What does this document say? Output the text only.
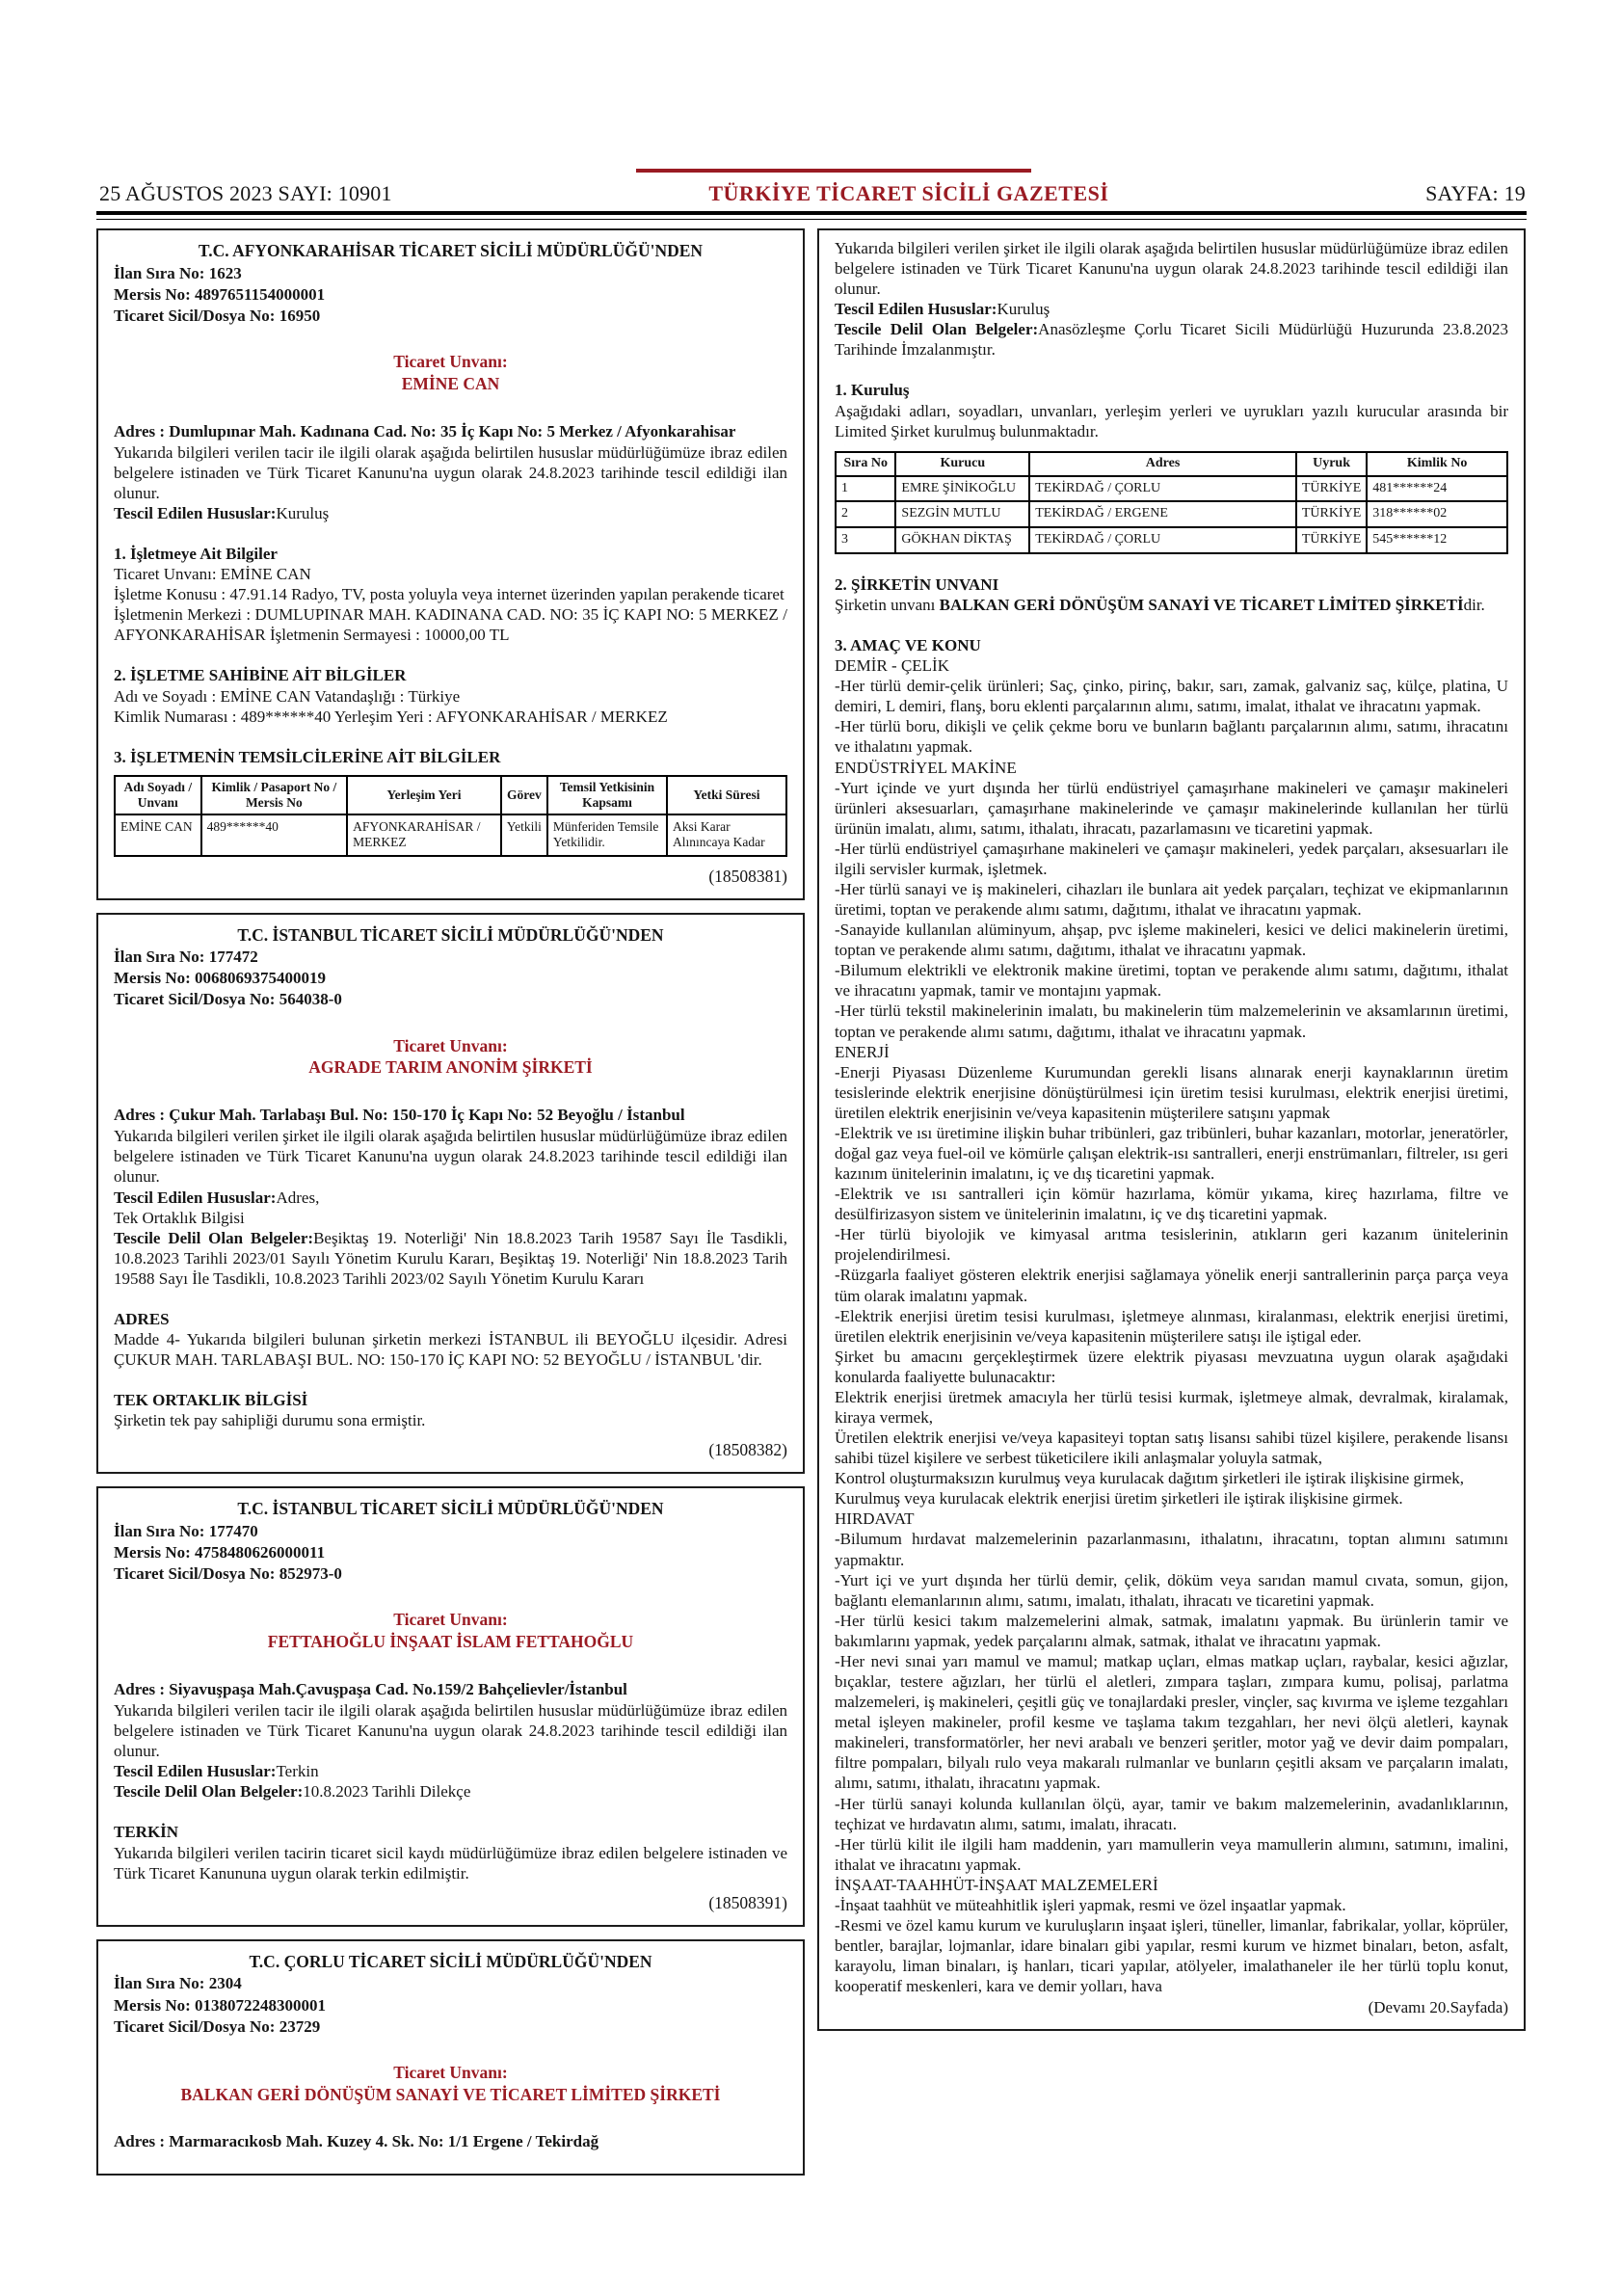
25 AĞUSTOS 2023 SAYI: 10901	TÜRKİYE TİCARET SİCİLİ GAZETESİ	SAYFA: 19
T.C. AFYONKARAHİSAR TİCARET SİCİLİ MÜDÜRLÜĞÜ'NDEN
İlan Sıra No: 1623
Mersis No: 4897651154000001
Ticaret Sicil/Dosya No: 16950
Ticaret Unvanı:
EMİNE CAN
Adres : Dumlupınar Mah. Kadınana Cad. No: 35 İç Kapı No: 5 Merkez / Afyonkarahisar
Yukarıda bilgileri verilen tacir ile ilgili olarak aşağıda belirtilen hususlar müdürlüğümüze ibraz edilen belgelere istinaden ve Türk Ticaret Kanunu'na uygun olarak 24.8.2023 tarihinde tescil edildiği ilan olunur.
Tescil Edilen Hususlar:Kuruluş
1. İşletmeye Ait Bilgiler
Ticaret Unvanı: EMİNE CAN
İşletme Konusu : 47.91.14 Radyo, TV, posta yoluyla veya internet üzerinden yapılan perakende ticaret
İşletmenin Merkezi : DUMLUPINAR MAH. KADINANA CAD. NO: 35 İÇ KAPI NO: 5 MERKEZ / AFYONKARAHİSAR İşletmenin Sermayesi : 10000,00 TL
2. İŞLETME SAHİBİNE AİT BİLGİLER
Adı ve Soyadı : EMİNE CAN Vatandaşlığı : Türkiye
Kimlik Numarası : 489******40 Yerleşim Yeri : AFYONKARAHİSAR / MERKEZ
3. İŞLETMENİN TEMSİLCİLERİNE AİT BİLGİLER
Adı Soyadı / Unvanı	Kimlik / Pasaport No / Mersis No	Yerleşim Yeri	Görev	Temsil Yetkisinin Kapsamı	Yetki Süresi
EMİNE CAN	489******40	AFYONKARAHİSAR / MERKEZ	Yetkili	Münferiden Temsile Yetkilidir.	Aksi Karar Alınıncaya Kadar
(18508381)
T.C. İSTANBUL TİCARET SİCİLİ MÜDÜRLÜĞÜ'NDEN
İlan Sıra No: 177472
Mersis No: 0068069375400019
Ticaret Sicil/Dosya No: 564038-0
Ticaret Unvanı:
AGRADE TARIM ANONİM ŞİRKETİ
Adres : Çukur Mah. Tarlabaşı Bul. No: 150-170 İç Kapı No: 52 Beyoğlu / İstanbul
Yukarıda bilgileri verilen şirket ile ilgili olarak aşağıda belirtilen hususlar müdürlüğümüze ibraz edilen belgelere istinaden ve Türk Ticaret Kanunu'na uygun olarak 24.8.2023 tarihinde tescil edildiği ilan olunur.
Tescil Edilen Hususlar:Adres,
Tek Ortaklık Bilgisi
Tescile Delil Olan Belgeler:Beşiktaş 19. Noterliği' Nin 18.8.2023 Tarih 19587 Sayı İle Tasdikli, 10.8.2023 Tarihli 2023/01 Sayılı Yönetim Kurulu Kararı, Beşiktaş 19. Noterliği' Nin 18.8.2023 Tarih 19588 Sayı İle Tasdikli, 10.8.2023 Tarihli 2023/02 Sayılı Yönetim Kurulu Kararı
ADRES
Madde 4- Yukarıda bilgileri bulunan şirketin merkezi İSTANBUL ili BEYOĞLU ilçesidir. Adresi ÇUKUR MAH. TARLABAŞI BUL. NO: 150-170 İÇ KAPI NO: 52 BEYOĞLU / İSTANBUL 'dir.
TEK ORTAKLIK BİLGİSİ
Şirketin tek pay sahipliği durumu sona ermiştir.
(18508382)
T.C. İSTANBUL TİCARET SİCİLİ MÜDÜRLÜĞÜ'NDEN
İlan Sıra No: 177470
Mersis No: 4758480626000011
Ticaret Sicil/Dosya No: 852973-0
Ticaret Unvanı:
FETTAHOĞLU İNŞAAT İSLAM FETTAHOĞLU
Adres : Siyavuşpaşa Mah.Çavuşpaşa Cad. No.159/2 Bahçelievler/İstanbul
Yukarıda bilgileri verilen tacir ile ilgili olarak aşağıda belirtilen hususlar müdürlüğümüze ibraz edilen belgelere istinaden ve Türk Ticaret Kanunu'na uygun olarak 24.8.2023 tarihinde tescil edildiği ilan olunur.
Tescil Edilen Hususlar:Terkin
Tescile Delil Olan Belgeler:10.8.2023 Tarihli Dilekçe
TERKİN
Yukarıda bilgileri verilen tacirin ticaret sicil kaydı müdürlüğümüze ibraz edilen belgelere istinaden ve Türk Ticaret Kanununa uygun olarak terkin edilmiştir.
(18508391)
T.C. ÇORLU TİCARET SİCİLİ MÜDÜRLÜĞÜ'NDEN
İlan Sıra No: 2304
Mersis No: 0138072248300001
Ticaret Sicil/Dosya No: 23729
Ticaret Unvanı:
BALKAN GERİ DÖNÜŞÜM SANAYİ VE TİCARET LİMİTED ŞİRKETİ
Adres : Marmaracıkosb Mah. Kuzey 4. Sk. No: 1/1 Ergene / Tekirdağ
Yukarıda bilgileri verilen şirket ile ilgili olarak aşağıda belirtilen hususlar müdürlüğümüze ibraz edilen belgelere istinaden ve Türk Ticaret Kanunu'na uygun olarak 24.8.2023 tarihinde tescil edildiği ilan olunur.
Tescil Edilen Hususlar:Kuruluş
Tescile Delil Olan Belgeler:Anasözleşme Çorlu Ticaret Sicili Müdürlüğü Huzurunda 23.8.2023 Tarihinde İmzalanmıştır.
1. Kuruluş
Aşağıdaki adları, soyadları, unvanları, yerleşim yerleri ve uyrukları yazılı kurucular arasında bir Limited Şirket kurulmuş bulunmaktadır.
Sıra No	Kurucu	Adres	Uyruk	Kimlik No
1	EMRE ŞİNİKOĞLU	TEKİRDAĞ / ÇORLU	TÜRKİYE	481******24
2	SEZGİN MUTLU	TEKİRDAĞ / ERGENE	TÜRKİYE	318******02
3	GÖKHAN DİKTAŞ	TEKİRDAĞ / ÇORLU	TÜRKİYE	545******12
2. ŞİRKETİN UNVANI
Şirketin unvanı BALKAN GERİ DÖNÜŞÜM SANAYİ VE TİCARET LİMİTED ŞİRKETİdir.
3. AMAÇ VE KONU
DEMİR - ÇELİK
-Her türlü demir-çelik ürünleri; Saç, çinko, pirinç, bakır, sarı, zamak, galvaniz saç, külçe, platina, U demiri, L demiri, flanş, boru eklenti parçalarının alımı, satımı, imalat, ithalat ve ihracatını yapmak.
-Her türlü boru, dikişli ve çelik çekme boru ve bunların bağlantı parçalarının alımı, satımı, ihracatını ve ithalatını yapmak.
ENDÜSTRİYEL MAKİNE
-Yurt içinde ve yurt dışında her türlü endüstriyel çamaşırhane makineleri ve çamaşır makineleri ürünleri aksesuarları, çamaşırhane makinelerinde ve çamaşır makinelerinde kullanılan her türlü ürünün imalatı, alımı, satımı, ithalatı, ihracatı, pazarlamasını ve ticaretini yapmak.
-Her türlü endüstriyel çamaşırhane makineleri ve çamaşır makineleri, yedek parçaları, aksesuarları ile ilgili servisler kurmak, işletmek.
-Her türlü sanayi ve iş makineleri, cihazları ile bunlara ait yedek parçaları, teçhizat ve ekipmanlarının üretimi, toptan ve perakende alımı satımı, dağıtımı, ithalat ve ihracatını yapmak.
-Sanayide kullanılan alüminyum, ahşap, pvc işleme makineleri, kesici ve delici makinelerin üretimi, toptan ve perakende alımı satımı, dağıtımı, ithalat ve ihracatını yapmak.
-Bilumum elektrikli ve elektronik makine üretimi, toptan ve perakende alımı satımı, dağıtımı, ithalat ve ihracatını yapmak, tamir ve montajını yapmak.
-Her türlü tekstil makinelerinin imalatı, bu makinelerin tüm malzemelerinin ve aksamlarının üretimi, toptan ve perakende alımı satımı, dağıtımı, ithalat ve ihracatını yapmak.
ENERJİ
-Enerji Piyasası Düzenleme Kurumundan gerekli lisans alınarak enerji kaynaklarının üretim tesislerinde elektrik enerjisine dönüştürülmesi için üretim tesisi kurulması, elektrik enerjisi üretimi, üretilen elektrik enerjisinin ve/veya kapasitenin müşterilere satışını yapmak
-Elektrik ve ısı üretimine ilişkin buhar tribünleri, gaz tribünleri, buhar kazanları, motorlar, jeneratörler, doğal gaz veya fuel-oil ve kömürle çalışan elektrik-ısı santralleri, enerji enstrümanları, filtreler, ısı geri kazınım ünitelerinin imalatını, iç ve dış ticaretini yapmak.
-Elektrik ve ısı santralleri için kömür hazırlama, kömür yıkama, kireç hazırlama, filtre ve desülfirizasyon sistem ve ünitelerinin imalatını, iç ve dış ticaretini yapmak.
-Her türlü biyolojik ve kimyasal arıtma tesislerinin, atıkların geri kazanım ünitelerinin projelendirilmesi.
-Rüzgarla faaliyet gösteren elektrik enerjisi sağlamaya yönelik enerji santrallerinin parça parça veya tüm olarak imalatını yapmak.
-Elektrik enerjisi üretim tesisi kurulması, işletmeye alınması, kiralanması, elektrik enerjisi üretimi, üretilen elektrik enerjisinin ve/veya kapasitenin müşterilere satışı ile iştigal eder.
Şirket bu amacını gerçekleştirmek üzere elektrik piyasası mevzuatına uygun olarak aşağıdaki konularda faaliyette bulunacaktır:
Elektrik enerjisi üretmek amacıyla her türlü tesisi kurmak, işletmeye almak, devralmak, kiralamak, kiraya vermek,
Üretilen elektrik enerjisi ve/veya kapasiteyi toptan satış lisansı sahibi tüzel kişilere, perakende lisansı sahibi tüzel kişilere ve serbest tüketicilere ikili anlaşmalar yoluyla satmak,
Kontrol oluşturmaksızın kurulmuş veya kurulacak dağıtım şirketleri ile iştirak ilişkisine girmek,
Kurulmuş veya kurulacak elektrik enerjisi üretim şirketleri ile iştirak ilişkisine girmek.
HIRDAVAT
-Bilumum hırdavat malzemelerinin pazarlanmasını, ithalatını, ihracatını, toptan alımını satımını yapmaktır.
-Yurt içi ve yurt dışında her türlü demir, çelik, döküm veya sarıdan mamul cıvata, somun, gijon, bağlantı elemanlarının alımı, satımı, imalatı, ithalatı, ihracatı ve ticaretini yapmak.
-Her türlü kesici takım malzemelerini almak, satmak, imalatını yapmak. Bu ürünlerin tamir ve bakımlarını yapmak, yedek parçalarını almak, satmak, ithalat ve ihracatını yapmak.
-Her nevi sınai yarı mamul ve mamul; matkap uçları, elmas matkap uçları, raybalar, kesici ağızlar, bıçaklar, testere ağızları, her türlü el aletleri, zımpara taşları, zımpara kumu, polisaj, parlatma malzemeleri, iş makineleri, çeşitli güç ve tonajlardaki presler, vinçler, saç kıvırma ve işleme tezgahları metal işleyen makineler, profil kesme ve taşlama takım tezgahları, her nevi ölçü aletleri, kaynak makineleri, transformatörler, her nevi arabalı ve benzeri şeritler, motor yağ ve devir daim pompaları, filtre pompaları, bilyalı rulo veya makaralı rulmanlar ve bunların çeşitli aksam ve parçaların imalatı, alımı, satımı, ithalatı, ihracatını yapmak.
-Her türlü sanayi kolunda kullanılan ölçü, ayar, tamir ve bakım malzemelerinin, avadanlıklarının, teçhizat ve hırdavatın alımı, satımı, imalatı, ihracatı.
-Her türlü kilit ile ilgili ham maddenin, yarı mamullerin veya mamullerin alımını, satımını, imalini, ithalat ve ihracatını yapmak.
İNŞAAT-TAAHHÜT-İNŞAAT MALZEMELERİ
-İnşaat taahhüt ve müteahhitlik işleri yapmak, resmi ve özel inşaatlar yapmak.
-Resmi ve özel kamu kurum ve kuruluşların inşaat işleri, tüneller, limanlar, fabrikalar, yollar, köprüler, bentler, barajlar, lojmanlar, idare binaları gibi yapılar, resmi kurum ve hizmet binaları, beton, asfalt, karayolu, liman binaları, iş hanları, ticari yapılar, atölyeler, imalathaneler ile her türlü toplu konut, kooperatif meskenleri, kara ve demir yolları, hava
(Devamı 20.Sayfada)
